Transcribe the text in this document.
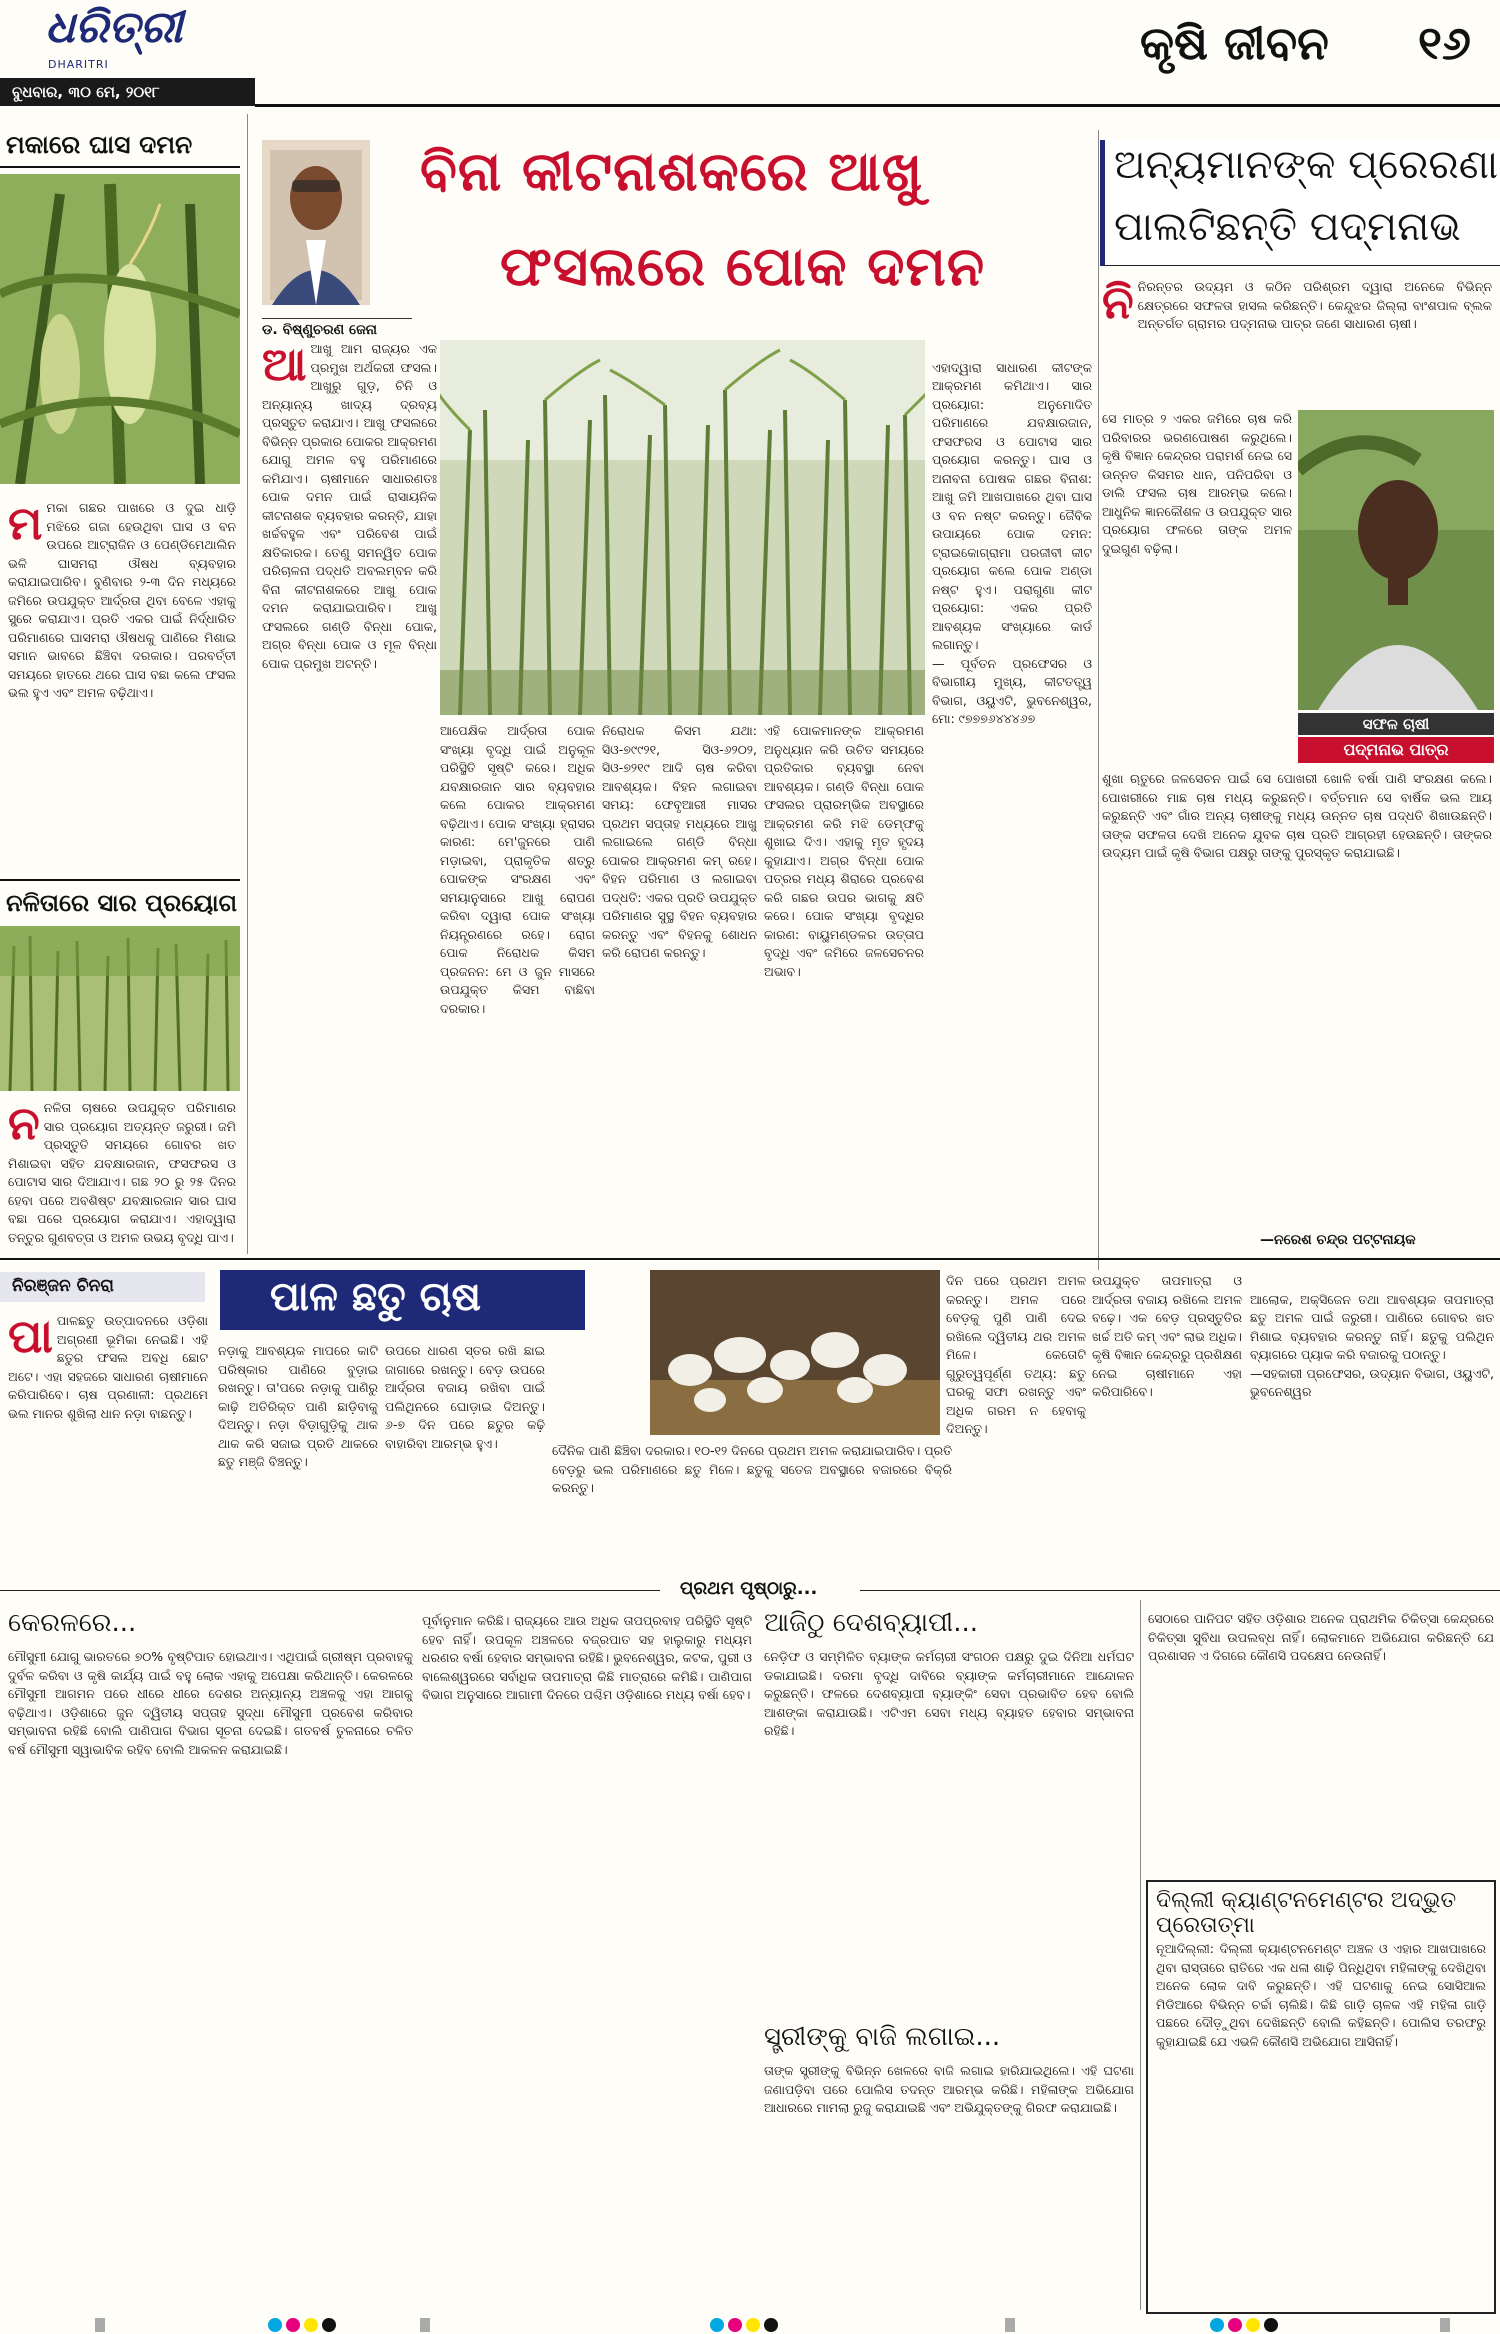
ଧରିତ୍ରୀ
DHARITRI
ବୁଧବାର, ୩୦ ମେ, ୨୦୧୮
କୃଷି ଜୀବନ ୧୬
ମକାରେ ଘାସ ଦମନ
ମମକା ଗଛର ପାଖରେ ଓ ଦୁଇ ଧାଡ଼ି ମଝିରେ ଗଜା ହେଉଥିବା ଘାସ ଓ ବନ ଉପରେ ଆଟ୍ରାଜିନ ଓ ପେଣ୍ଡିମେଥାଲିନ ଭଳି ଘାସମରା ଔଷଧ ବ୍ୟବହାର କରାଯାଇପାରିବ। ବୁଣିବାର ୨-୩ ଦିନ ମଧ୍ୟରେ ଜମିରେ ଉପଯୁକ୍ତ ଆର୍ଦ୍ରତା ଥିବା ବେଳେ ଏହାକୁ ସ୍ପ୍ରେ କରାଯାଏ। ପ୍ରତି ଏକର ପାଇଁ ନିର୍ଦ୍ଧାରିତ ପରିମାଣରେ ଘାସମରା ଔଷଧକୁ ପାଣିରେ ମିଶାଇ ସମାନ ଭାବରେ ଛିଞ୍ଚିବା ଦରକାର। ପରବର୍ତ୍ତୀ ସମୟରେ ହାତରେ ଥରେ ଘାସ ବଛା କଲେ ଫସଲ ଭଲ ହୁଏ ଏବଂ ଅମଳ ବଢ଼ିଥାଏ।
ନଳିତାରେ ସାର ପ୍ରୟୋଗ
ନନଳିତା ଚାଷରେ ଉପଯୁକ୍ତ ପରିମାଣର ସାର ପ୍ରୟୋଗ ଅତ୍ୟନ୍ତ ଜରୁରୀ। ଜମି ପ୍ରସ୍ତୁତି ସମୟରେ ଗୋବର ଖତ ମିଶାଇବା ସହିତ ଯବକ୍ଷାରଜାନ, ଫସଫରସ ଓ ପୋଟାସ ସାର ଦିଆଯାଏ। ଗଛ ୨୦ ରୁ ୨୫ ଦିନର ହେବା ପରେ ଅବଶିଷ୍ଟ ଯବକ୍ଷାରଜାନ ସାର ଘାସ ବଛା ପରେ ପ୍ରୟୋଗ କରାଯାଏ। ଏହାଦ୍ୱାରା ତନ୍ତୁର ଗୁଣବତ୍ତା ଓ ଅମଳ ଉଭୟ ବୃଦ୍ଧି ପାଏ।
ଡ. ବିଷ୍ଣୁଚରଣ ଜେନା
ବିନା କୀଟନାଶକରେ ଆଖୁ
ଫସଲରେ ପୋକ ଦମନ
ଆଆଖୁ ଆମ ରାଜ୍ୟର ଏକ ପ୍ରମୁଖ ଅର୍ଥକରୀ ଫସଲ। ଆଖୁରୁ ଗୁଡ଼, ଚିନି ଓ ଅନ୍ୟାନ୍ୟ ଖାଦ୍ୟ ଦ୍ରବ୍ୟ ପ୍ରସ୍ତୁତ କରାଯାଏ। ଆଖୁ ଫସଲରେ ବିଭିନ୍ନ ପ୍ରକାର ପୋକର ଆକ୍ରମଣ ଯୋଗୁ ଅମଳ ବହୁ ପରିମାଣରେ କମିଯାଏ। ଚାଷୀମାନେ ସାଧାରଣତଃ ପୋକ ଦମନ ପାଇଁ ରାସାୟନିକ କୀଟନାଶକ ବ୍ୟବହାର କରନ୍ତି, ଯାହା ଖର୍ଚ୍ଚବହୁଳ ଏବଂ ପରିବେଶ ପାଇଁ କ୍ଷତିକାରକ। ତେଣୁ ସମନ୍ୱିତ ପୋକ ପରିଚାଳନା ପଦ୍ଧତି ଅବଲମ୍ବନ କରି ବିନା କୀଟନାଶକରେ ଆଖୁ ପୋକ ଦମନ କରାଯାଇପାରିବ। ଆଖୁ ଫସଲରେ ଗଣ୍ଡି ବିନ୍ଧା ପୋକ, ଅଗ୍ର ବିନ୍ଧା ପୋକ ଓ ମୂଳ ବିନ୍ଧା ପୋକ ପ୍ରମୁଖ ଅଟନ୍ତି।
ଆପେକ୍ଷିକ ଆର୍ଦ୍ରତା ପୋକ ସଂଖ୍ୟା ବୃଦ୍ଧି ପାଇଁ ଅନୁକୂଳ ପରିସ୍ଥିତି ସୃଷ୍ଟି କରେ। ଅଧିକ ଯବକ୍ଷାରଜାନ ସାର ବ୍ୟବହାର କଲେ ପୋକର ଆକ୍ରମଣ ବଢ଼ିଥାଏ। ପୋକ ସଂଖ୍ୟା ହ୍ରାସର କାରଣ: ମେ'ଜୁନରେ ପାଣି ମଡ଼ାଇବା, ପ୍ରାକୃତିକ ଶତ୍ରୁ ପୋକଙ୍କ ସଂରକ୍ଷଣ ଏବଂ ସମୟାନୁସାରେ ଆଖୁ ରୋପଣ କରିବା ଦ୍ୱାରା ପୋକ ସଂଖ୍ୟା ନିୟନ୍ତ୍ରଣରେ ରହେ। ରୋଗ ପୋକ ନିରୋଧକ କିସମ ପ୍ରଜନନ: ମେ ଓ ଜୁନ ମାସରେ ଉପଯୁକ୍ତ କିସମ ବାଛିବା ଦରକାର।
ନିରୋଧକ କିସମ ଯଥା: ସିଓ-୭୯୯୨୧, ସିଓ-୬୨୦୨, ସିଓ-୭୨୧୯ ଆଦି ଚାଷ କରିବା ଆବଶ୍ୟକ। ବିହନ ଲଗାଇବା ସମୟ: ଫେବୃଆରୀ ମାସର ପ୍ରଥମ ସପ୍ତାହ ମଧ୍ୟରେ ଆଖୁ ଲଗାଇଲେ ଗଣ୍ଡି ବିନ୍ଧା ପୋକର ଆକ୍ରମଣ କମ୍ ରହେ। ବିହନ ପରିମାଣ ଓ ଲଗାଇବା ପଦ୍ଧତି: ଏକର ପ୍ରତି ଉପଯୁକ୍ତ ପରିମାଣର ସୁସ୍ଥ ବିହନ ବ୍ୟବହାର କରନ୍ତୁ ଏବଂ ବିହନକୁ ଶୋଧନ କରି ରୋପଣ କରନ୍ତୁ।
ଏହି ପୋକମାନଙ୍କ ଆକ୍ରମଣ ଅନୁଧ୍ୟାନ କରି ଉଚିତ ସମୟରେ ପ୍ରତିକାର ବ୍ୟବସ୍ଥା ନେବା ଆବଶ୍ୟକ। ଗଣ୍ଡି ବିନ୍ଧା ପୋକ ଫସଲର ପ୍ରାରମ୍ଭିକ ଅବସ୍ଥାରେ ଆକ୍ରମଣ କରି ମଝି ଡେମ୍ଫକୁ ଶୁଖାଇ ଦିଏ। ଏହାକୁ ମୃତ ହୃଦୟ କୁହାଯାଏ। ଅଗ୍ର ବିନ୍ଧା ପୋକ ପତ୍ରର ମଧ୍ୟ ଶିରାରେ ପ୍ରବେଶ କରି ଗଛର ଉପର ଭାଗକୁ କ୍ଷତି କରେ। ପୋକ ସଂଖ୍ୟା ବୃଦ୍ଧିର କାରଣ: ବାୟୁମଣ୍ଡଳର ଉତ୍ତାପ ବୃଦ୍ଧି ଏବଂ ଜମିରେ ଜଳସେଚନର ଅଭାବ।

ଏହାଦ୍ୱାରା ସାଧାରଣ କୀଟଙ୍କ ଆକ୍ରମଣ କମିଥାଏ। ସାର ପ୍ରୟୋଗ: ଅନୁମୋଦିତ ପରିମାଣରେ ଯବକ୍ଷାରଜାନ, ଫସଫରସ ଓ ପୋଟାସ ସାର ପ୍ରୟୋଗ କରନ୍ତୁ। ଘାସ ଓ ଅନାବନା ପୋଷକ ଗଛର ବିନାଶ: ଆଖୁ ଜମି ଆଖପାଖରେ ଥିବା ଘାସ ଓ ବନ ନଷ୍ଟ କରନ୍ତୁ। ଜୈବିକ ଉପାୟରେ ପୋକ ଦମନ: ଟ୍ରାଇକୋଗ୍ରାମା ପରଜୀବୀ କୀଟ ପ୍ରୟୋଗ କଲେ ପୋକ ଅଣ୍ଡା ନଷ୍ଟ ହୁଏ। ପରାଗୁଣା କୀଟ ପ୍ରୟୋଗ: ଏକର ପ୍ରତି ଆବଶ୍ୟକ ସଂଖ୍ୟାରେ କାର୍ଡ ଲଗାନ୍ତୁ।
— ପୂର୍ବତନ ପ୍ରଫେସର ଓ ବିଭାଗୀୟ ମୁଖ୍ୟ, କୀଟତତ୍ତ୍ୱ ବିଭାଗ, ଓୟୁଏଟି, ଭୁବନେଶ୍ୱର, ମୋ: ୯୭୭୭୬୪୪୪୬୭

ଅନ୍ୟମାନଙ୍କ ପ୍ରେରଣା
ପାଲଟିଛନ୍ତି ପଦ୍ମନାଭ
ନିନିରନ୍ତର ଉଦ୍ୟମ ଓ କଠିନ ପରିଶ୍ରମ ଦ୍ୱାରା ଅନେକେ ବିଭିନ୍ନ କ୍ଷେତ୍ରରେ ସଫଳତା ହାସଲ କରିଛନ୍ତି। କେନ୍ଦୁଝର ଜିଲ୍ଲା ବାଂଶପାଳ ବ୍ଲକ ଅନ୍ତର୍ଗତ ଗ୍ରାମର ପଦ୍ମନାଭ ପାତ୍ର ଜଣେ ସାଧାରଣ ଚାଷୀ।
ସେ ମାତ୍ର ୨ ଏକର ଜମିରେ ଚାଷ କରି ପରିବାରର ଭରଣପୋଷଣ କରୁଥିଲେ। କୃଷି ବିଜ୍ଞାନ କେନ୍ଦ୍ରର ପରାମର୍ଶ ନେଇ ସେ ଉନ୍ନତ କିସମର ଧାନ, ପନିପରିବା ଓ ଡାଲି ଫସଲ ଚାଷ ଆରମ୍ଭ କଲେ। ଆଧୁନିକ ଜ୍ଞାନକୌଶଳ ଓ ଉପଯୁକ୍ତ ସାର ପ୍ରୟୋଗ ଫଳରେ ତାଙ୍କ ଅମଳ ଦୁଇଗୁଣ ବଢ଼ିଲା।
ସଫଳ ଚାଷୀ
ପଦ୍ମନାଭ ପାତ୍ର
ଶୁଖା ଋତୁରେ ଜଳସେଚନ ପାଇଁ ସେ ପୋଖରୀ ଖୋଳି ବର୍ଷା ପାଣି ସଂରକ୍ଷଣ କଲେ। ପୋଖରୀରେ ମାଛ ଚାଷ ମଧ୍ୟ କରୁଛନ୍ତି। ବର୍ତ୍ତମାନ ସେ ବାର୍ଷିକ ଭଲ ଆୟ କରୁଛନ୍ତି ଏବଂ ଗାଁର ଅନ୍ୟ ଚାଷୀଙ୍କୁ ମଧ୍ୟ ଉନ୍ନତ ଚାଷ ପଦ୍ଧତି ଶିଖାଉଛନ୍ତି। ତାଙ୍କ ସଫଳତା ଦେଖି ଅନେକ ଯୁବକ ଚାଷ ପ୍ରତି ଆଗ୍ରହୀ ହେଉଛନ୍ତି। ତାଙ୍କର ଉଦ୍ୟମ ପାଇଁ କୃଷି ବିଭାଗ ପକ୍ଷରୁ ତାଙ୍କୁ ପୁରସ୍କୃତ କରାଯାଇଛି।
—ନରେଶ ଚନ୍ଦ୍ର ପଟ୍ଟନାୟକ
ନିରଞ୍ଜନ ଚିନରା	ପାଳ ଛତୁ ଚାଷ
ପାପାଳଛତୁ ଉତ୍ପାଦନରେ ଓଡ଼ିଶା ଅଗ୍ରଣୀ ଭୂମିକା ନେଇଛି। ଏହି ଛତୁର ଫସଲ ଅବଧି ଛୋଟ ଅଟେ। ଏହା ସହଜରେ ସାଧାରଣ ଚାଷୀମାନେ କରିପାରିବେ। ଚାଷ ପ୍ରଣାଳୀ: ପ୍ରଥମେ ଭଲ ମାନର ଶୁଖିଲା ଧାନ ନଡ଼ା ବାଛନ୍ତୁ।
ନଡ଼ାକୁ ଆବଶ୍ୟକ ମାପରେ କାଟି ପରିଷ୍କାର ପାଣିରେ ବୁଡ଼ାଇ ରଖନ୍ତୁ। ତା'ପରେ ନଡ଼ାକୁ ପାଣିରୁ କାଢ଼ି ଅତିରିକ୍ତ ପାଣି ଛାଡ଼ିବାକୁ ଦିଅନ୍ତୁ। ନଡ଼ା ବିଡ଼ାଗୁଡ଼ିକୁ ଥାକ ଥାକ କରି ସଜାଇ ପ୍ରତି ଥାକରେ ଛତୁ ମଞ୍ଜି ବିଞ୍ଚନ୍ତୁ।
ଉପରେ ଧାରଣ ସ୍ତର ରଖି ଛାଇ ଜାଗାରେ ରଖନ୍ତୁ। ବେଡ଼ ଉପରେ ଆର୍ଦ୍ରତା ବଜାୟ ରଖିବା ପାଇଁ ପଲିଥିନରେ ଘୋଡ଼ାଇ ଦିଅନ୍ତୁ। ୬-୭ ଦିନ ପରେ ଛତୁର କଢ଼ି ବାହାରିବା ଆରମ୍ଭ ହୁଏ।	ଦୈନିକ ପାଣି ଛିଞ୍ଚିବା ଦରକାର। ୧୦-୧୨ ଦିନରେ ପ୍ରଥମ ଅମଳ କରାଯାଇପାରିବ। ପ୍ରତି ବେଡ଼ରୁ ଭଲ ପରିମାଣରେ ଛତୁ ମିଳେ। ଛତୁକୁ ସତେଜ ଅବସ୍ଥାରେ ବଜାରରେ ବିକ୍ରି କରନ୍ତୁ।
ଦିନ ପରେ ପ୍ରଥମ ଅମଳ କରନ୍ତୁ। ଅମଳ ପରେ ବେଡ଼କୁ ପୁଣି ପାଣି ଦେଇ ରଖିଲେ ଦ୍ୱିତୀୟ ଥର ଅମଳ ମିଳେ। କେତୋଟି ଗୁରୁତ୍ୱପୂର୍ଣ୍ଣ ତଥ୍ୟ: ଛତୁ ଘରକୁ ସଫା ରଖନ୍ତୁ ଏବଂ ଅଧିକ ଗରମ ନ ହେବାକୁ ଦିଅନ୍ତୁ।
ଉପଯୁକ୍ତ ତାପମାତ୍ରା ଓ ଆର୍ଦ୍ରତା ବଜାୟ ରଖିଲେ ଅମଳ ବଢ଼େ। ଏକ ବେଡ଼ ପ୍ରସ୍ତୁତିର ଖର୍ଚ୍ଚ ଅତି କମ୍ ଏବଂ ଲାଭ ଅଧିକ। କୃଷି ବିଜ୍ଞାନ କେନ୍ଦ୍ରରୁ ପ୍ରଶିକ୍ଷଣ ନେଇ ଚାଷୀମାନେ ଏହା କରିପାରିବେ।

ଆଲୋକ, ଅକ୍ସିଜେନ ତଥା ଆବଶ୍ୟକ ତାପମାତ୍ରା ଛତୁ ଅମଳ ପାଇଁ ଜରୁରୀ। ପାଣିରେ ଗୋବର ଖତ ମିଶାଇ ବ୍ୟବହାର କରନ୍ତୁ ନାହିଁ। ଛତୁକୁ ପଲିଥିନ ବ୍ୟାଗରେ ପ୍ୟାକ କରି ବଜାରକୁ ପଠାନ୍ତୁ।
—ସହକାରୀ ପ୍ରଫେସର, ଉଦ୍ୟାନ ବିଭାଗ, ଓୟୁଏଟି, ଭୁବନେଶ୍ୱର

ପ୍ରଥମ ପୃଷ୍ଠାରୁ...
କେରଳରେ...
ମୌସୁମୀ ଯୋଗୁ ଭାରତରେ ୭୦% ବୃଷ୍ଟିପାତ ହୋଇଥାଏ। ଏଥିପାଇଁ ଗ୍ରୀଷ୍ମ ପ୍ରବାହକୁ ଦୁର୍ବଳ କରିବା ଓ କୃଷି କାର୍ଯ୍ୟ ପାଇଁ ବହୁ ଲୋକ ଏହାକୁ ଅପେକ୍ଷା କରିଥାନ୍ତି। କେରଳରେ ମୌସୁମୀ ଆଗମନ ପରେ ଧୀରେ ଧୀରେ ଦେଶର ଅନ୍ୟାନ୍ୟ ଅଞ୍ଚଳକୁ ଏହା ଆଗକୁ ବଢ଼ିଥାଏ। ଓଡ଼ିଶାରେ ଜୁନ ଦ୍ୱିତୀୟ ସପ୍ତାହ ସୁଦ୍ଧା ମୌସୁମୀ ପ୍ରବେଶ କରିବାର ସମ୍ଭାବନା ରହିଛି ବୋଲି ପାଣିପାଗ ବିଭାଗ ସୂଚନା ଦେଇଛି। ଗତବର୍ଷ ତୁଳନାରେ ଚଳିତ ବର୍ଷ ମୌସୁମୀ ସ୍ୱାଭାବିକ ରହିବ ବୋଲି ଆକଳନ କରାଯାଇଛି।
ପୂର୍ବାନୁମାନ କରିଛି। ରାଜ୍ୟରେ ଆଉ ଅଧିକ ତାପପ୍ରବାହ ପରିସ୍ଥିତି ସୃଷ୍ଟି ହେବ ନାହିଁ। ଉପକୂଳ ଅଞ୍ଚଳରେ ବଜ୍ରପାତ ସହ ହାଲୁକାରୁ ମଧ୍ୟମ ଧରଣର ବର୍ଷା ହେବାର ସମ୍ଭାବନା ରହିଛି। ଭୁବନେଶ୍ୱର, କଟକ, ପୁରୀ ଓ ବାଲେଶ୍ୱରରେ ସର୍ବାଧିକ ତାପମାତ୍ରା କିଛି ମାତ୍ରାରେ କମିଛି। ପାଣିପାଗ ବିଭାଗ ଅନୁସାରେ ଆଗାମୀ ଦିନରେ ପଶ୍ଚିମ ଓଡ଼ିଶାରେ ମଧ୍ୟ ବର୍ଷା ହେବ।
ଆଜିଠୁ ଦେଶବ୍ୟାପୀ...
ନେଡ଼ିଫ ଓ ସମ୍ମିଳିତ ବ୍ୟାଙ୍କ କର୍ମଚାରୀ ସଂଗଠନ ପକ୍ଷରୁ ଦୁଇ ଦିନିଆ ଧର୍ମଘଟ ଡକାଯାଇଛି। ଦରମା ବୃଦ୍ଧି ଦାବିରେ ବ୍ୟାଙ୍କ କର୍ମଚାରୀମାନେ ଆନ୍ଦୋଳନ କରୁଛନ୍ତି। ଫଳରେ ଦେଶବ୍ୟାପୀ ବ୍ୟାଙ୍କିଂ ସେବା ପ୍ରଭାବିତ ହେବ ବୋଲି ଆଶଙ୍କା କରାଯାଉଛି। ଏଟିଏମ ସେବା ମଧ୍ୟ ବ୍ୟାହତ ହେବାର ସମ୍ଭାବନା ରହିଛି।
ସ୍ତ୍ରୀଙ୍କୁ ବାଜି ଲଗାଇ...
ତାଙ୍କ ସ୍ତ୍ରୀଙ୍କୁ ବିଭିନ୍ନ ଖେଳରେ ବାଜି ଲଗାଇ ହାରିଯାଇଥିଲେ। ଏହି ଘଟଣା ଜଣାପଡ଼ିବା ପରେ ପୋଲିସ ତଦନ୍ତ ଆରମ୍ଭ କରିଛି। ମହିଳାଙ୍କ ଅଭିଯୋଗ ଆଧାରରେ ମାମଲା ରୁଜୁ କରାଯାଇଛି ଏବଂ ଅଭିଯୁକ୍ତଙ୍କୁ ଗିରଫ କରାଯାଇଛି।
ସେଠାରେ ପାନିପଟ ସହିତ ଓଡ଼ିଶାର ଅନେକ ପ୍ରାଥମିକ ଚିକିତ୍ସା କେନ୍ଦ୍ରରେ ଚିକିତ୍ସା ସୁବିଧା ଉପଲବ୍ଧ ନାହିଁ। ଲୋକମାନେ ଅଭିଯୋଗ କରିଛନ୍ତି ଯେ ପ୍ରଶାସନ ଏ ଦିଗରେ କୌଣସି ପଦକ୍ଷେପ ନେଉନାହିଁ।
ଦିଲ୍ଲୀ କ୍ୟାଣ୍ଟନମେଣ୍ଟର ଅଦ୍ଭୁତ ପ୍ରେତାତ୍ମା
ନୂଆଦିଲ୍ଲୀ: ଦିଲ୍ଲୀ କ୍ୟାଣ୍ଟନମେଣ୍ଟ ଅଞ୍ଚଳ ଓ ଏହାର ଆଖପାଖରେ ଥିବା ରାସ୍ତାରେ ରାତିରେ ଏକ ଧଳା ଶାଢ଼ି ପିନ୍ଧିଥିବା ମହିଳାଙ୍କୁ ଦେଖିଥିବା ଅନେକ ଲୋକ ଦାବି କରୁଛନ୍ତି। ଏହି ଘଟଣାକୁ ନେଇ ସୋସିଆଲ ମିଡିଆରେ ବିଭିନ୍ନ ଚର୍ଚ୍ଚା ଚାଲିଛି। କିଛି ଗାଡ଼ି ଚାଳକ ଏହି ମହିଳା ଗାଡ଼ି ପଛରେ ଦୌଡ଼ୁଥିବା ଦେଖିଛନ୍ତି ବୋଲି କହିଛନ୍ତି। ପୋଲିସ ତରଫରୁ କୁହାଯାଇଛି ଯେ ଏଭଳି କୌଣସି ଅଭିଯୋଗ ଆସିନାହିଁ।
